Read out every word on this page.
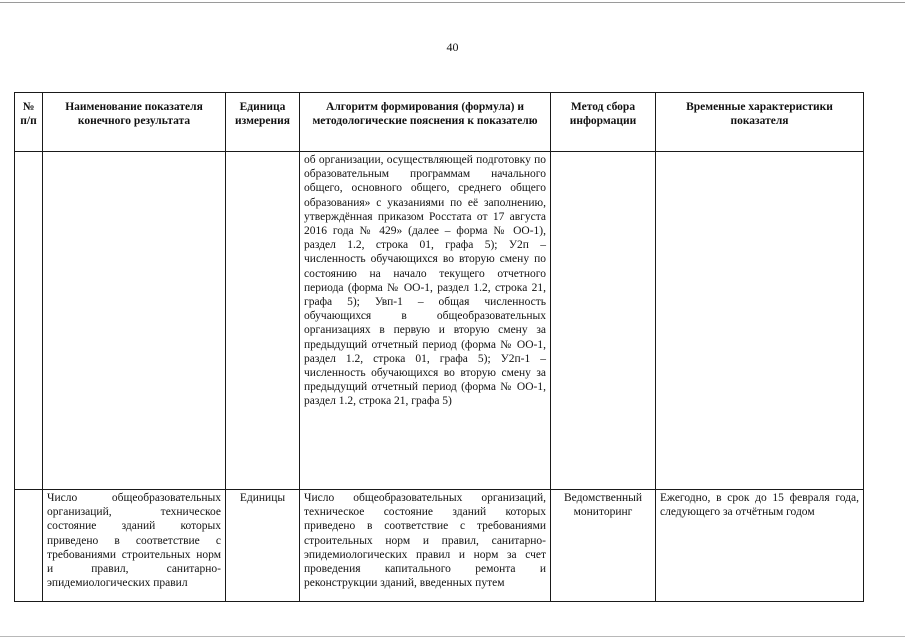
40
№ п/п	Наименование показателя конечного результата	Единица измерения	Алгоритм формирования (формула) и методологические пояснения к показателю	Метод сбора информации	Временные характеристики показателя
			об организации, осуществляющей подготовку по образовательным программам начального общего, основного общего, среднего общего образования» с указаниями по её заполнению, утверждённая приказом Росстата от 17 августа 2016 года № 429» (далее – форма № ОО-1), раздел 1.2, строка 01, графа 5); У2п – численность обучающихся во вторую смену по состоянию на начало текущего отчетного периода (форма № ОО-1, раздел 1.2, строка 21, графа 5); Увп-1 – общая численность обучающихся в общеобразовательных организациях в первую и вторую смену за предыдущий отчетный период (форма № ОО-1, раздел 1.2, строка 01, графа 5); У2п-1 – численность обучающихся во вторую смену за предыдущий отчетный период (форма № ОО-1, раздел 1.2, строка 21, графа 5)		
	Число общеобразовательных организаций, техническое состояние зданий которых приведено в соответствие с требованиями строительных норм и правил, санитарно-эпидемиологических правил	Единицы	Число общеобразовательных организаций, техническое состояние зданий которых приведено в соответствие с требованиями строительных норм и правил, санитарно-эпидемиологических правил и норм за счет проведения капитального ремонта и реконструкции зданий, введенных путем	Ведомственный мониторинг	Ежегодно, в срок до 15 февраля года, следующего за отчётным годом
